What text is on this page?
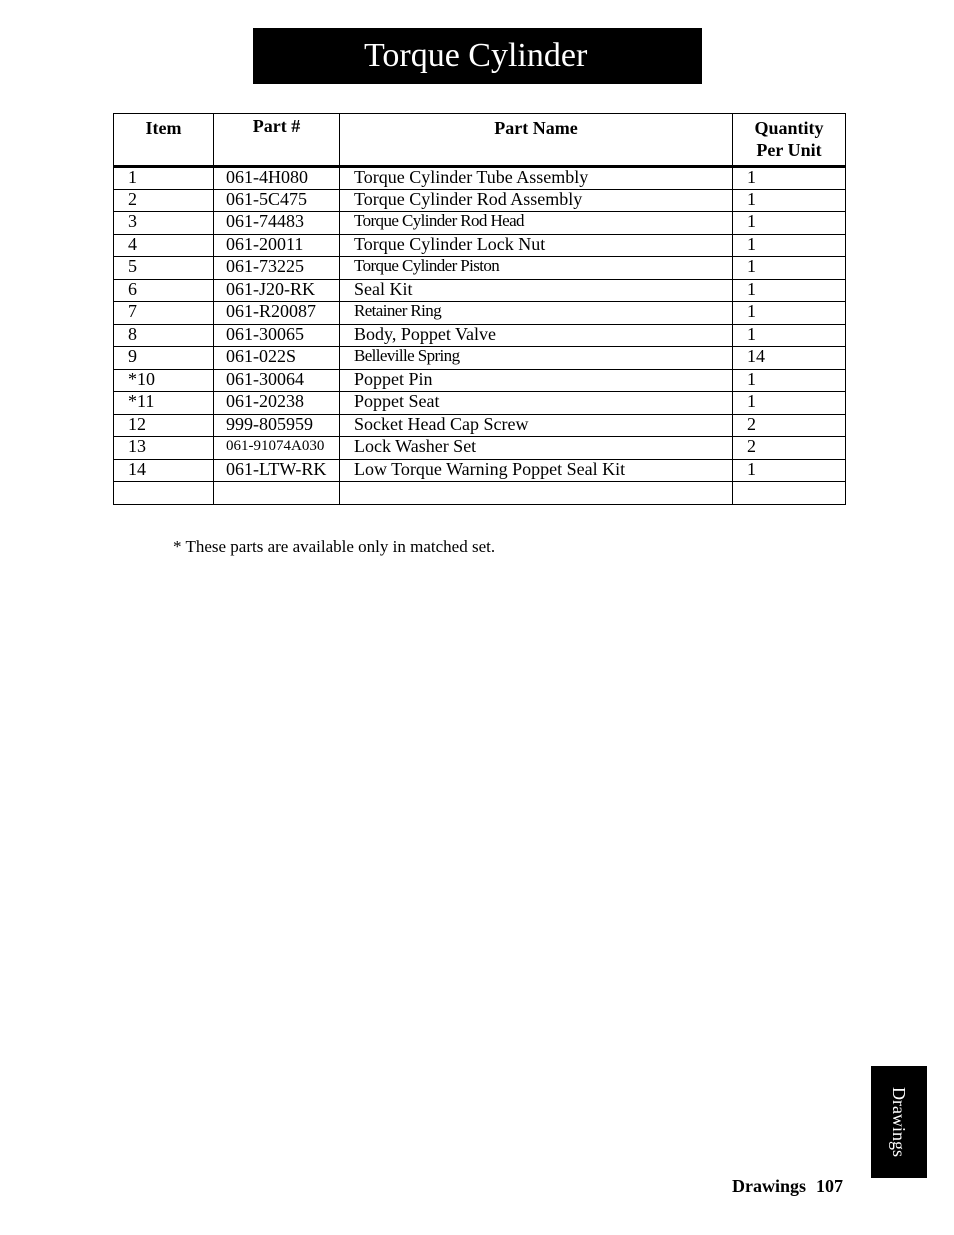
Torque Cylinder
Item	Part #	Part Name	Quantity
Per Unit
1	061-4H080	Torque Cylinder Tube Assembly	1
2	061-5C475	Torque Cylinder Rod Assembly	1
3	061-74483	Torque Cylinder Rod Head	1
4	061-20011	Torque Cylinder Lock Nut	1
5	061-73225	Torque Cylinder Piston	1
6	061-J20-RK	Seal Kit	1
7	061-R20087	Retainer Ring	1
8	061-30065	Body, Poppet Valve	1
9	061-022S	Belleville Spring	14
*10	061-30064	Poppet Pin	1
*11	061-20238	Poppet Seat	1
12	999-805959	Socket Head Cap Screw	2
13	061-91074A030	Lock Washer Set	2
14	061-LTW-RK	Low Torque Warning Poppet Seal Kit	1

* These parts are available only in matched set.
Drawings
Drawings 107
